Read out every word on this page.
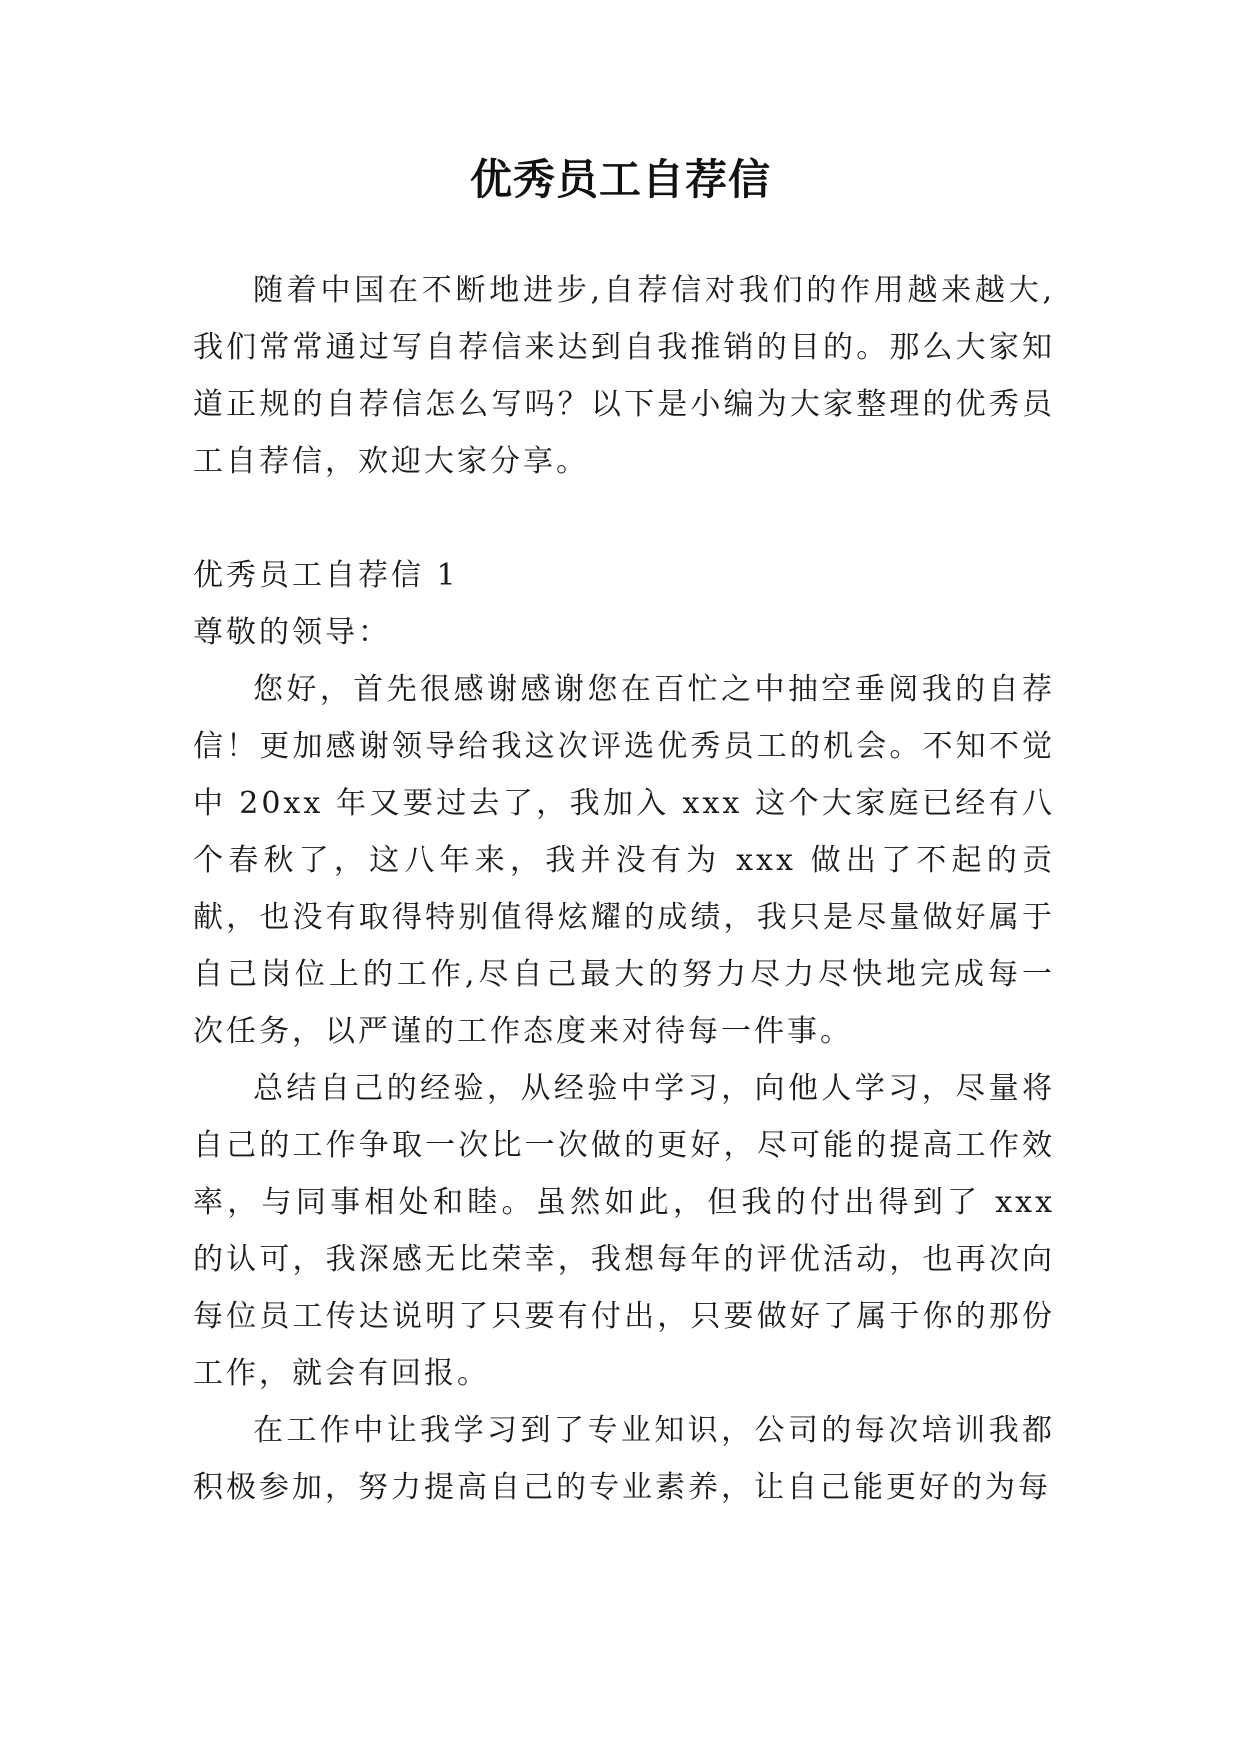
优秀员工自荐信

随着中国在不断地进步,自荐信对我们的作用越来越大,我们常常通过写自荐信来达到自我推销的目的。那么大家知道正规的自荐信怎么写吗？以下是小编为大家整理的优秀员工自荐信，欢迎大家分享。

优秀员工自荐信 1

尊敬的领导：

您好，首先很感谢感谢您在百忙之中抽空垂阅我的自荐信！更加感谢领导给我这次评选优秀员工的机会。不知不觉中 20xx 年又要过去了，我加入 xxx 这个大家庭已经有八个春秋了，这八年来，我并没有为 xxx 做出了不起的贡献，也没有取得特别值得炫耀的成绩，我只是尽量做好属于自己岗位上的工作,尽自己最大的努力尽力尽快地完成每一次任务，以严谨的工作态度来对待每一件事。

总结自己的经验，从经验中学习，向他人学习，尽量将自己的工作争取一次比一次做的更好，尽可能的提高工作效率，与同事相处和睦。虽然如此，但我的付出得到了 xxx 的认可，我深感无比荣幸，我想每年的评优活动，也再次向每位员工传达说明了只要有付出，只要做好了属于你的那份工作，就会有回报。

在工作中让我学习到了专业知识，公司的每次培训我都积极参加，努力提高自己的专业素养，让自己能更好的为每
